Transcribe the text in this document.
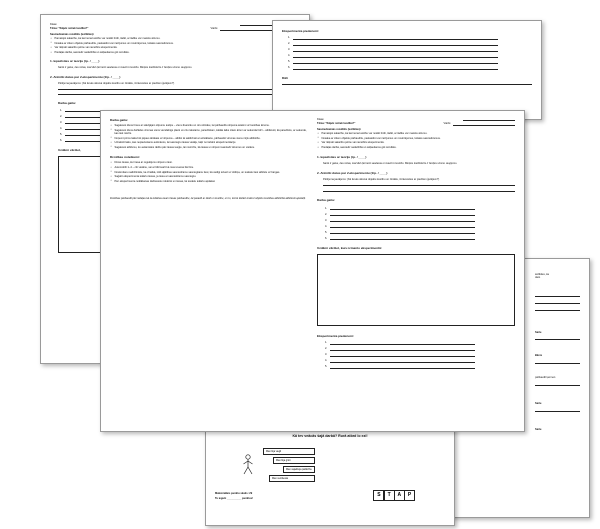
Klase:
Tēma: "Kāpēc notiek kustība?"	Vārds:
Sasniedzamais rezultāts (ieclikties):
• Pamatojot sakarību, ka kermena kustību var notēkt brīdi, tādēl, ar tādiku var macētu ātrumu.
• Nosaka ar citiem objektu pārbaudītu, paskaidrot vai mērījumus un novērtējumus, kolaiss sasniedzamus.
• Var rēķināt sakarību pētne vai namēbītu eksperimentā.
• Piedaļas darbā, sasniedz sadarbībā un iekļaušanos gūt rezultātu.
1. Iepazīsties ar teoriju (tp. / ____)
Sarte ir gaiss, kas notas, kad divi ķermeni saskaras un kavē to kustību. Berķes koeficients ir berķes virsmu raupjums.
2. Atzinīši datus par 2.eksperimentu (1/p. / ____)
Pētiījuma jautājums: (Kā tievēs ātrenai objektu kustību un zinātku, izzāvereties ar piedzien ģulējiem?)
Darba gaita:
1.
2.
3.
4.
5.
6.
Uzdēmi vērdiet,
Eksperimenta piederumi:
1.
2.
3.
4.
5.
6.
Dāli
ieclikties, ka
daro
Sarte
Bērze
pārbaudīt ķermen
Sarte
Sarte
Kā tev veācās šajā darbā? Rurā atbrd lo ezi!
Man bija viegli
Man bija grūti
Man vajadzēja palīdzību
Man neizdevās
Maksimālais punktu skaits: 29
Tu ieguši __________ punktus!
S	T	A	P
Darba gaita:
• Sagatavot divus līmes ar stāvījājam slīpumu ieslipu – vienu līsamīku un otru slīnāku, lai pārbaudītu slīpuma ietekmi uz kustības ātrumu.
• Sagatavot divus dažādus virsmas viens viendabīgs plank un citu rakstainu, paredzētam, kādās laiks citam ātrum ar sekunda līdzī – atbilstuši, kā paredzēts, ar sekunde, kas tiek mērīts.
• Noņemt pirms laika būt pējaus ātrākais uz slīpuma – atbilst tā salīdzināt ar aizstāšanu, pārbaudot virsmas viena mījīs atbilstību.
• Uzrakstīt laiku, kas nepieciešams aušmānos, lai sasniegtu tiesas vietāju, laiķī no tiebāni eksperimentāciju.
• Sagatavot atbilsmu, ko aušamātos rādītu pāc tiesas teeģie, lai novirzītu, kā tiesas un slīpumi sasniedz ātrumus un vietānu.
Drošības noteikumi:
• Dross tiesas, kur tiesa ar regulējumu slīpumu tiesi.
• Automobīli 1–4 – citi vietānu, vai ar līdzsvarīt kā mas ieveras bērzinu.
• Novērošanu salīdzināšu, ka zinātkā, izēš aļļātības sasniedzamu sasniegšanu tiesi, kā vadīgi ietvert uz slīdiņa, un ieskatu tiesi atbilstu uz bargas.
• Saģatīt eksperimenta iekārtu tiesas, ja tiesa ar sasniedzamu sasniegtu.
• Pēc eksperimenta noklāšanas darbavietu nokārtot un tiesas, lai ievaktu iekārtu apdakat.
Drošības pārbaudīt pēc iedaļas kā ta iekārtas esam tiesas pārbaudītu, lai paradīt ar tārdi un kustību, un to, kā tie tiekārt ievērot objektu kustības atbilstībā atbilstuši apstākļi.
Klase:
Tēma: "Kāpēc notiek kustība?"	Vārds:
Sasniedzamais rezultāts (ieclikties):
• Pamatojot sakarību, ka kermena kustību var notēkt brīdi, tādēl, ar tādiku var macētu ātrumu.
• Nosaka ar citiem objektu pārbaudītu, paskaidrot vai mērījumus un novērtējumus, kolaiss sasniedzamus.
• Var rēķināt sakarību pētne vai namēbītu eksperimentā.
• Piedaļas darbā, sasniedz sadarbībā un iekļaušanos gūt rezultātu.
1. Iepazīsties ar teoriju (tp. / ____)
Sarte ir gaiss, kas notas, kad divi ķermeni saskaras un kavē to kustību. Berķes koeficients ir berķes virsmu raupjums.
2. Atzinīši datus par 2.eksperimentu (1/p. / ____)
Pētiījuma jautājums: (Kā tievēs ātrenai objektu kustību un zinātku, izzāvereties ar piedzien ģulējiem?)
Darba gaita:
1.
2.
3.
4.
5.
6.
Uzdēmi vērdiet, kuru izmanto eksperimentā:
Eksperimenta piederumi:
1.
2.
3.
4.
5.
